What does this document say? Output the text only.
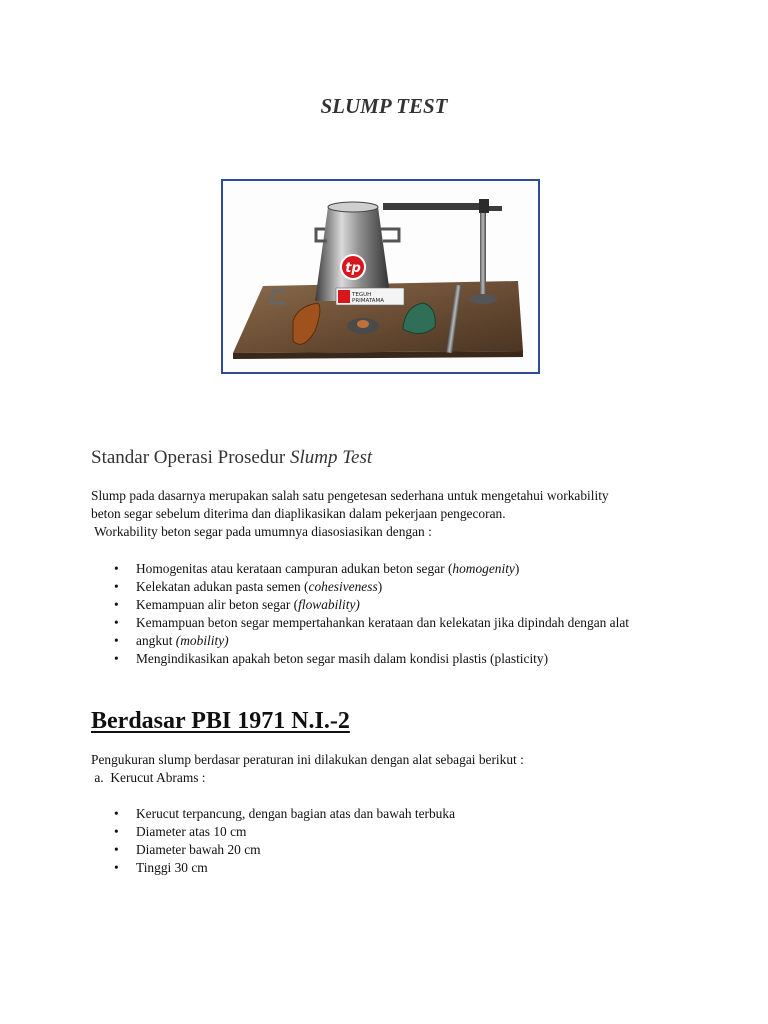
SLUMP TEST
tp
TEGUH
PRIMATAMA
Standar Operasi Prosedur Slump Test

Slump pada dasarnya merupakan salah satu pengetesan sederhana untuk mengetahui workability

beton segar sebelum diterima dan diaplikasikan dalam pekerjaan pengecoran.

Workability beton segar pada umumnya diasosiasikan dengan :

• Homogenitas atau kerataan campuran adukan beton segar (homogenity)
• Kelekatan adukan pasta semen (cohesiveness)
• Kemampuan alir beton segar (flowability)
• Kemampuan beton segar mempertahankan kerataan dan kelekatan jika dipindah dengan alat
• angkut (mobility)
• Mengindikasikan apakah beton segar masih dalam kondisi plastis (plasticity)
Berdasar PBI 1971 N.I.-2

Pengukuran slump berdasar peraturan ini dilakukan dengan alat sebagai berikut :

a.  Kerucut Abrams :

• Kerucut terpancung, dengan bagian atas dan bawah terbuka
• Diameter atas 10 cm
• Diameter bawah 20 cm
• Tinggi 30 cm
